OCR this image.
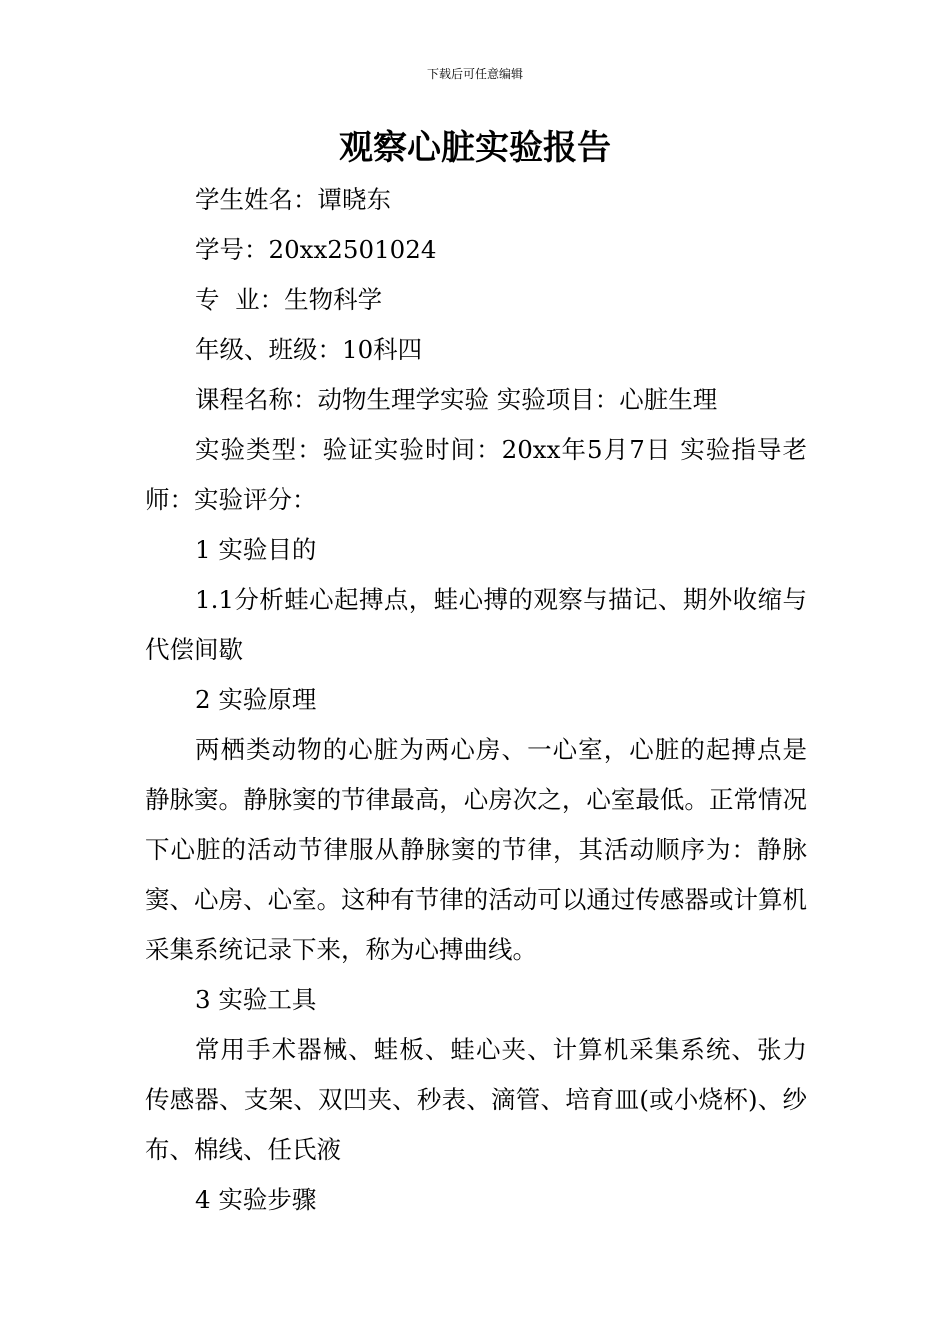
下载后可任意编辑
观察心脏实验报告

学生姓名：谭晓东

学号：20xx2501024

专  业：生物科学

年级、班级：10科四

课程名称：动物生理学实验 实验项目：心脏生理

实验类型：验证实验时间：20xx年5月7日 实验指导老师：实验评分：

1 实验目的

1.1分析蛙心起搏点，蛙心搏的观察与描记、期外收缩与代偿间歇

2 实验原理

两栖类动物的心脏为两心房、一心室，心脏的起搏点是静脉窦。静脉窦的节律最高，心房次之，心室最低。正常情况下心脏的活动节律服从静脉窦的节律，其活动顺序为：静脉窦、心房、心室。这种有节律的活动可以通过传感器或计算机采集系统记录下来，称为心搏曲线。

3 实验工具

常用手术器械、蛙板、蛙心夹、计算机采集系统、张力传感器、支架、双凹夹、秒表、滴管、培育皿(或小烧杯)、纱布、棉线、任氏液

4 实验步骤
